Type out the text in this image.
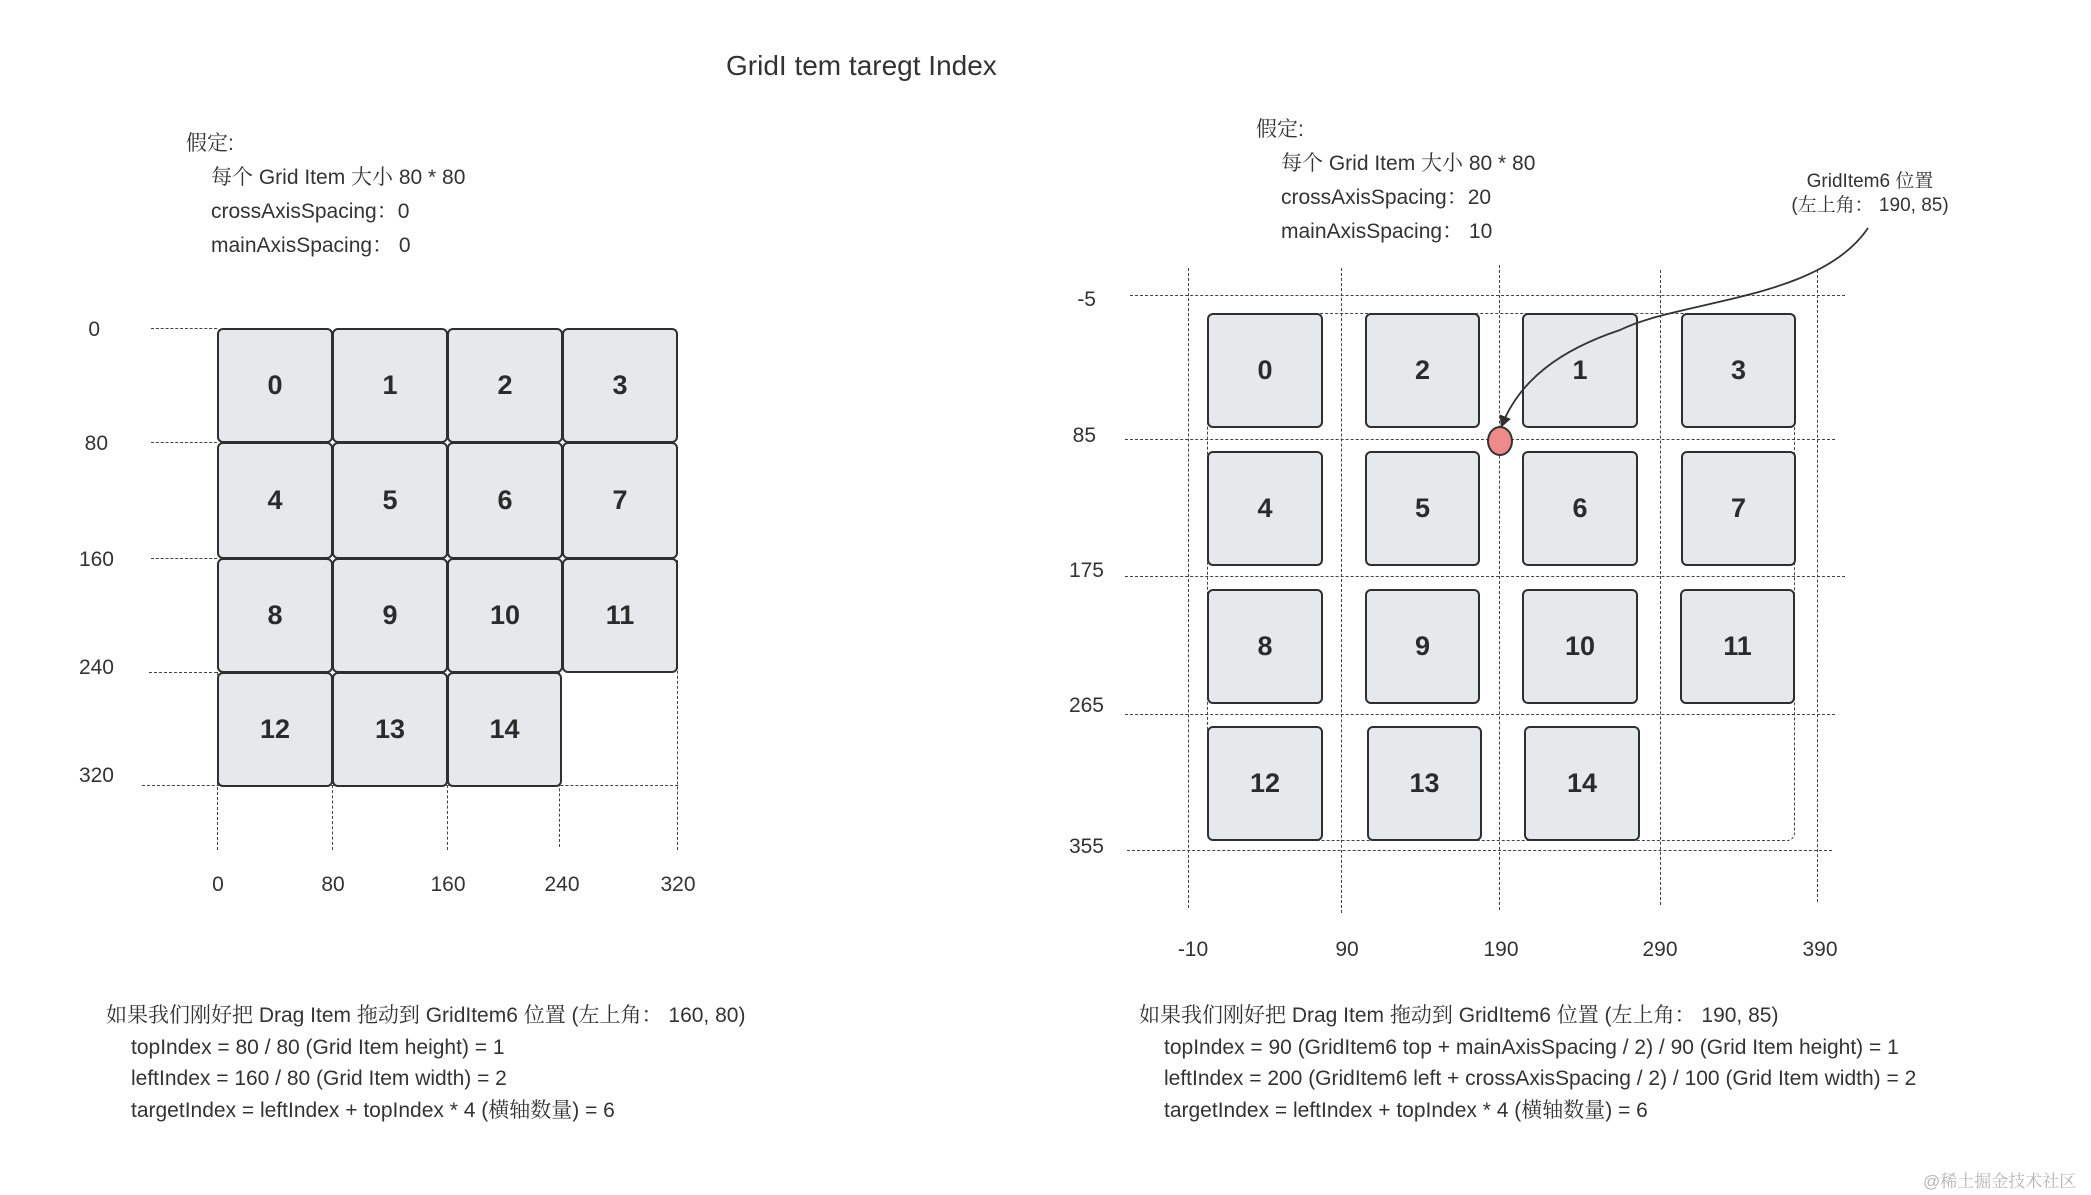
GridI tem taregt Index
假定:
每个 Grid Item 大小 80 * 80
crossAxisSpacing：0
mainAxisSpacing： 0
0
80
160
240
320
0	1	2	3
4	5	6	7
8	9	10	11
12	13	14
0	80	160	240	320
如果我们刚好把 Drag Item 拖动到 GridItem6 位置 (左上角： 160, 80)
topIndex = 80 / 80 (Grid Item height) = 1
leftIndex = 160 / 80 (Grid Item width) = 2
targetIndex = leftIndex + topIndex * 4 (横轴数量) = 6
假定:
每个 Grid Item 大小 80 * 80
crossAxisSpacing：20
mainAxisSpacing： 10
GridItem6 位置
(左上角： 190, 85)
-5
85
175
265
355
0	2	1	3
4	5	6	7
8	9	10	11
12	13	14
-10	90	190	290	390
如果我们刚好把 Drag Item 拖动到 GridItem6 位置 (左上角： 190, 85)
topIndex = 90 (GridItem6 top + mainAxisSpacing / 2) / 90 (Grid Item height) = 1
leftIndex = 200 (GridItem6 left + crossAxisSpacing / 2) / 100 (Grid Item width) = 2
targetIndex = leftIndex + topIndex * 4 (横轴数量) = 6
@稀土掘金技术社区
